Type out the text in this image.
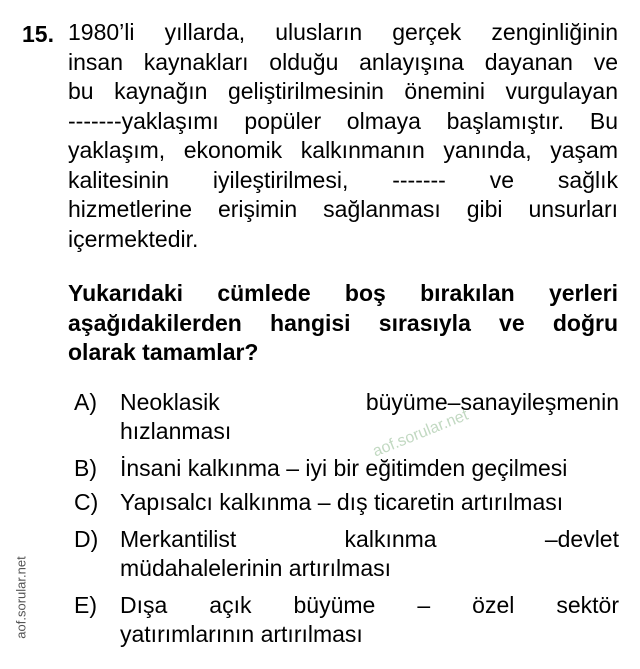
15. 1980’li yıllarda, ulusların gerçek zenginliğinin
insan kaynakları olduğu anlayışına dayanan ve
bu kaynağın geliştirilmesinin önemini vurgulayan
-------yaklaşımı popüler olmaya başlamıştır. Bu
yaklaşım, ekonomik kalkınmanın yanında, yaşam
kalitesinin iyileştirilmesi, ------- ve sağlık
hizmetlerine erişimin sağlanması gibi unsurları
içermektedir.
Yukarıdaki cümlede boş bırakılan yerleri
aşağıdakilerden hangisi sırasıyla ve doğru
olarak tamamlar?
A)	Neoklasik büyüme–sanayileşmenin
hızlanması
B)	İnsani kalkınma – iyi bir eğitimden geçilmesi
C) Yapısalcı kalkınma – dış ticaretin artırılması
D) Merkantilist kalkınma –devlet
müdahalelerinin artırılması
E)	Dışa açık büyüme – özel sektör
yatırımlarının artırılması
aof.sorular.net
aof.sorular.net
